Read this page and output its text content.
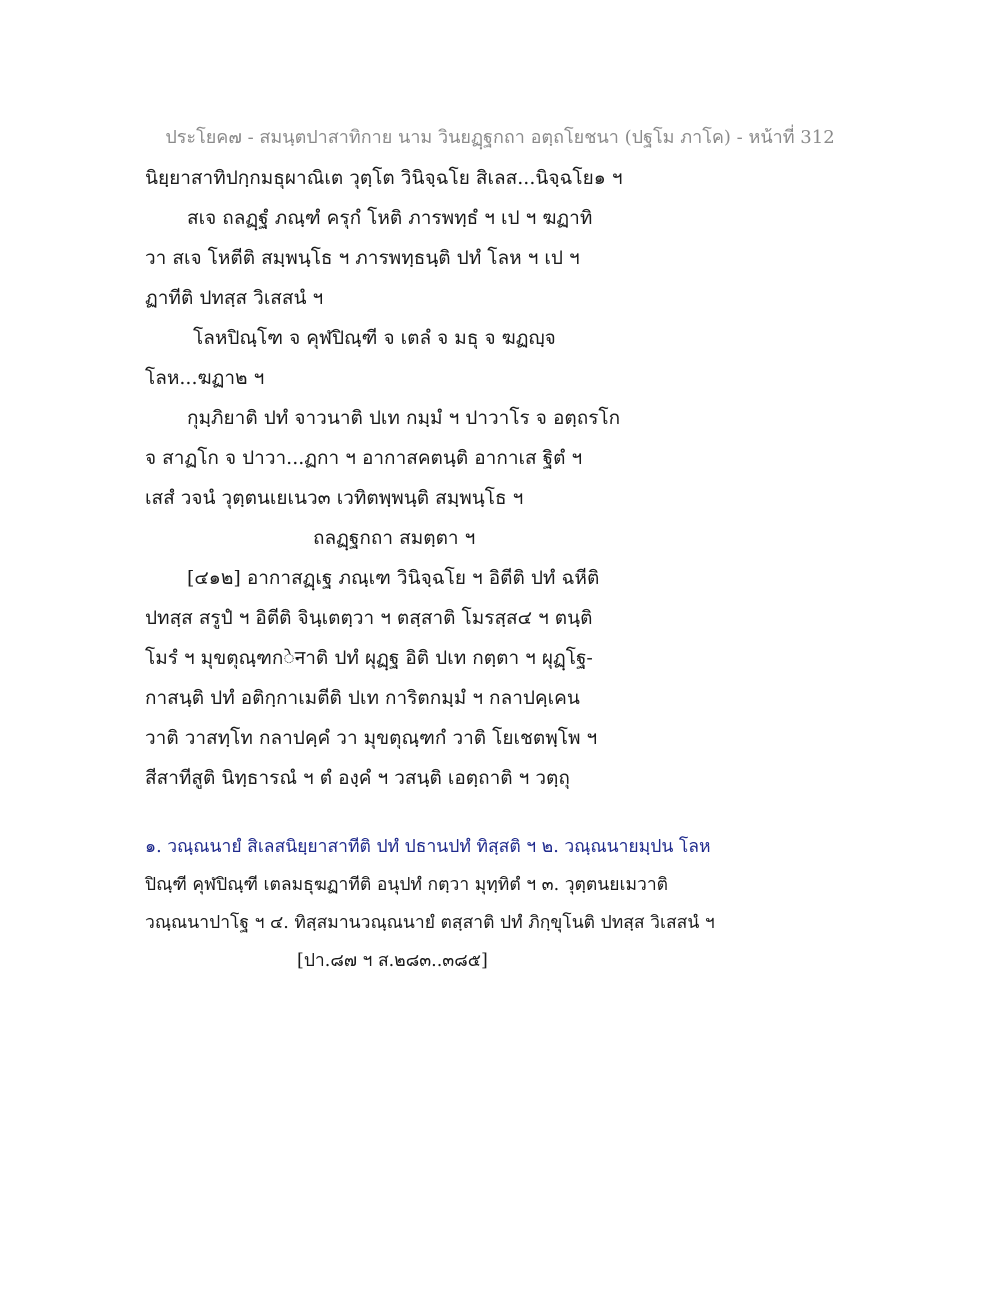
ประโยค๗ - สมนฺตปาสาทิกาย นาม วินยฏฺฐกถา อตฺถโยชนา (ปฐโม ภาโค) - หน้าที่ 312
นิยฺยาสาทิปกฺกมธุผาณิเต วุตฺโต วินิจฺฉโย สิเลส...นิจฺฉโย๑ ฯ
สเจ ถลฏฺฐํ ภณฺฑํ ครุกํ โหติ ภารพทฺธํ ฯ เป ฯ ฆฏาทิ
วา สเจ โหตีติ สมฺพนฺโธ ฯ ภารพทฺธนฺติ ปทํ โลห ฯ เป ฯ
ฏาทีติ ปทสฺส วิเสสนํ ฯ
โลหปิณฺโฑ จ คุฬปิณฺฑี จ เตลํ จ มธุ จ ฆฏญฺจ
โลห...ฆฏา๒ ฯ
กุมฺภิยาติ ปทํ จาวนาติ ปเท กมฺมํ ฯ ปาวาโร จ อตฺถรโก
จ สาฏโก จ ปาวา...ฏกา ฯ อากาสคตนฺติ อากาเส ฐิตํ ฯ
เสสํ วจนํ วุตฺตนเยเนว๓ เวทิตพฺพนฺติ สมฺพนฺโธ ฯ
ถลฏฺฐกถา สมตฺตา ฯ
[๔๑๒] อากาสฏฺเฐ ภณฺเฑ วินิจฺฉโย ฯ อิตีติ ปทํ ฉหีติ
ปทสฺส สรูปํ ฯ อิตีติ จินฺเตตฺวา ฯ ตสฺสาติ โมรสฺส๔ ฯ ตนฺติ
โมรํ ฯ มุขตุณฺฑกेनาติ ปทํ ผุฏฺฐ อิติ ปเท กตฺตา ฯ ผุฏฺโฐ-
กาสนฺติ ปทํ อติกฺกาเมตีติ ปเท การิตกมฺมํ ฯ กลาปคฺเคน
วาติ วาสทฺโท กลาปคฺคํ วา มุขตุณฺฑกํ วาติ โยเชตพฺโพ ฯ
สีสาทีสูติ นิทฺธารณํ ฯ ตํ องฺคํ ฯ วสนฺติ เอตฺถาติ ฯ วตฺถุ
๑. วณฺณนายํ สิเลสนิยฺยาสาทีติ ปทํ ปธานปทํ ทิสฺสติ ฯ ๒. วณฺณนายมฺปน โลห
ปิณฺฑี คุฬปิณฺฑี เตลมธุฆฏาทีติ อนุปทํ กตฺวา มุทฺทิตํ ฯ ๓. วุตฺตนยเมวาติ
วณฺณนาปาโฐ ฯ ๔. ทิสฺสมานวณฺณนายํ ตสฺสาติ ปทํ ภิกฺขุโนติ ปทสฺส วิเสสนํ ฯ
[ปา.๘๗ ฯ ส.๒๘๓..๓๘๕]
